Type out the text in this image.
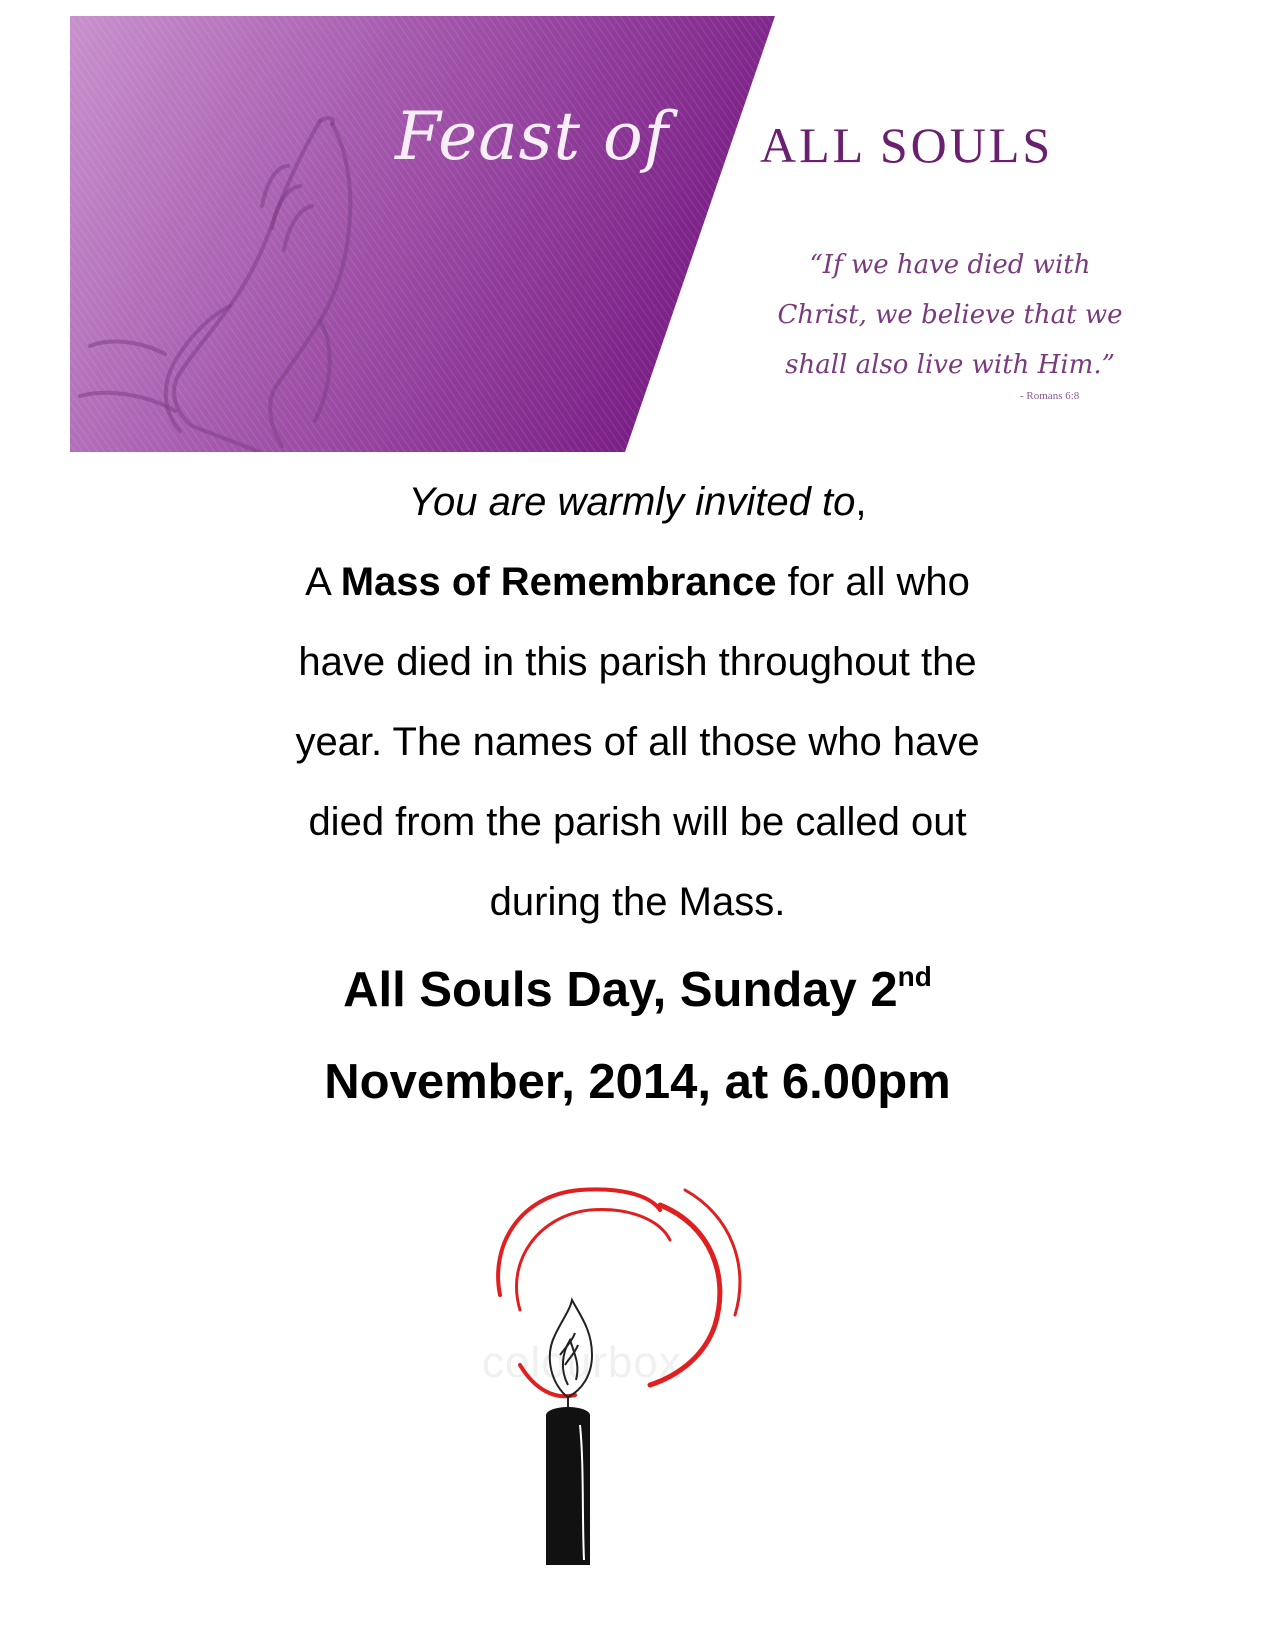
Feast of ALL SOULS
“If we have died with
Christ, we believe that we
shall also live with Him.”
- Romans 6:8
You are warmly invited to,
A Mass of Remembrance for all who
have died in this parish throughout the
year. The names of all those who have
died from the parish will be called out
during the Mass.
All Souls Day, Sunday 2nd
November, 2014, at 6.00pm
colourbox
